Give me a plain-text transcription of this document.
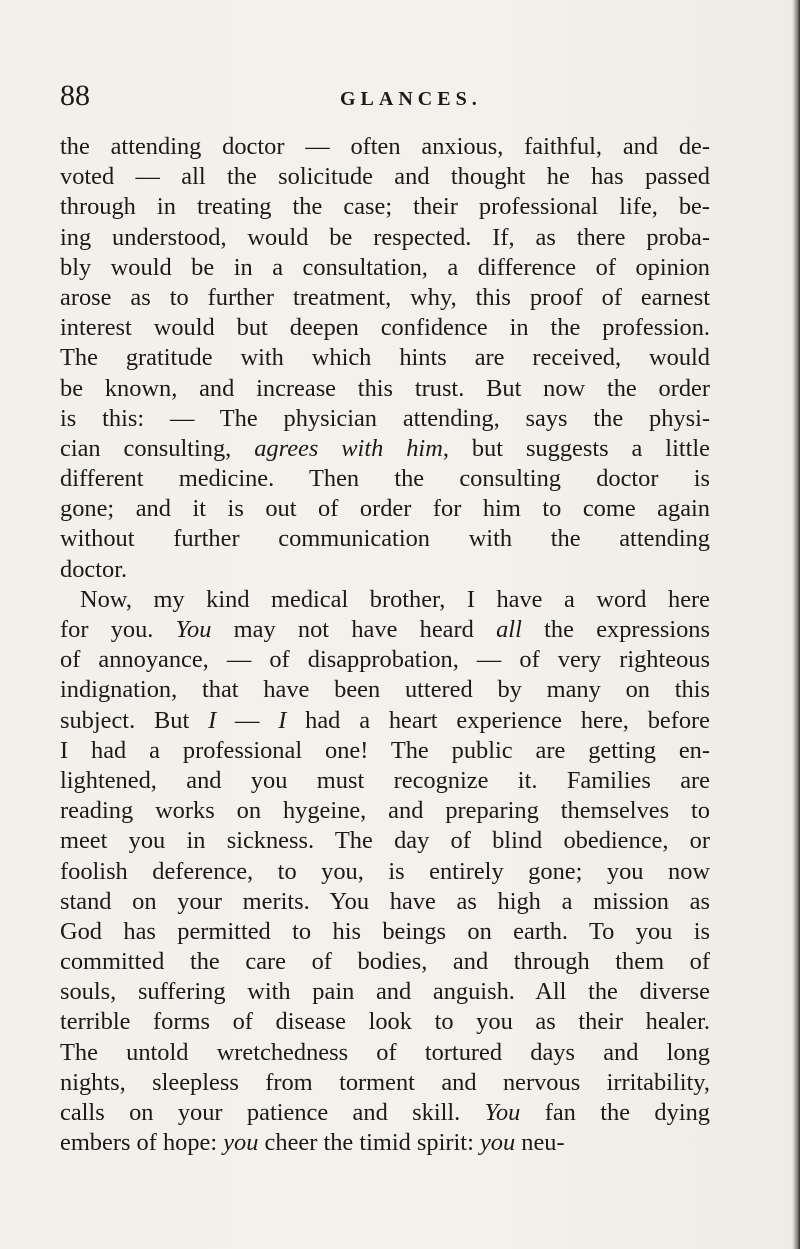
88	GLANCES.
the attending doctor — often anxious, faithful, and de-
voted — all the solicitude and thought he has passed
through in treating the case; their professional life, be-
ing understood, would be respected. If, as there proba-
bly would be in a consultation, a difference of opinion
arose as to further treatment, why, this proof of earnest
interest would but deepen confidence in the profession.
The gratitude with which hints are received, would
be known, and increase this trust. But now the order
is this: — The physician attending, says the physi-
cian consulting, agrees with him, but suggests a little
different medicine. Then the consulting doctor is
gone; and it is out of order for him to come again
without further communication with the attending
doctor.
Now, my kind medical brother, I have a word here
for you. You may not have heard all the expressions
of annoyance, — of disapprobation, — of very righteous
indignation, that have been uttered by many on this
subject. But I — I had a heart experience here, before
I had a professional one! The public are getting en-
lightened, and you must recognize it. Families are
reading works on hygeine, and preparing themselves to
meet you in sickness. The day of blind obedience, or
foolish deference, to you, is entirely gone; you now
stand on your merits. You have as high a mission as
God has permitted to his beings on earth. To you is
committed the care of bodies, and through them of
souls, suffering with pain and anguish. All the diverse
terrible forms of disease look to you as their healer.
The untold wretchedness of tortured days and long
nights, sleepless from torment and nervous irritability,
calls on your patience and skill. You fan the dying
embers of hope: you cheer the timid spirit: you neu-
